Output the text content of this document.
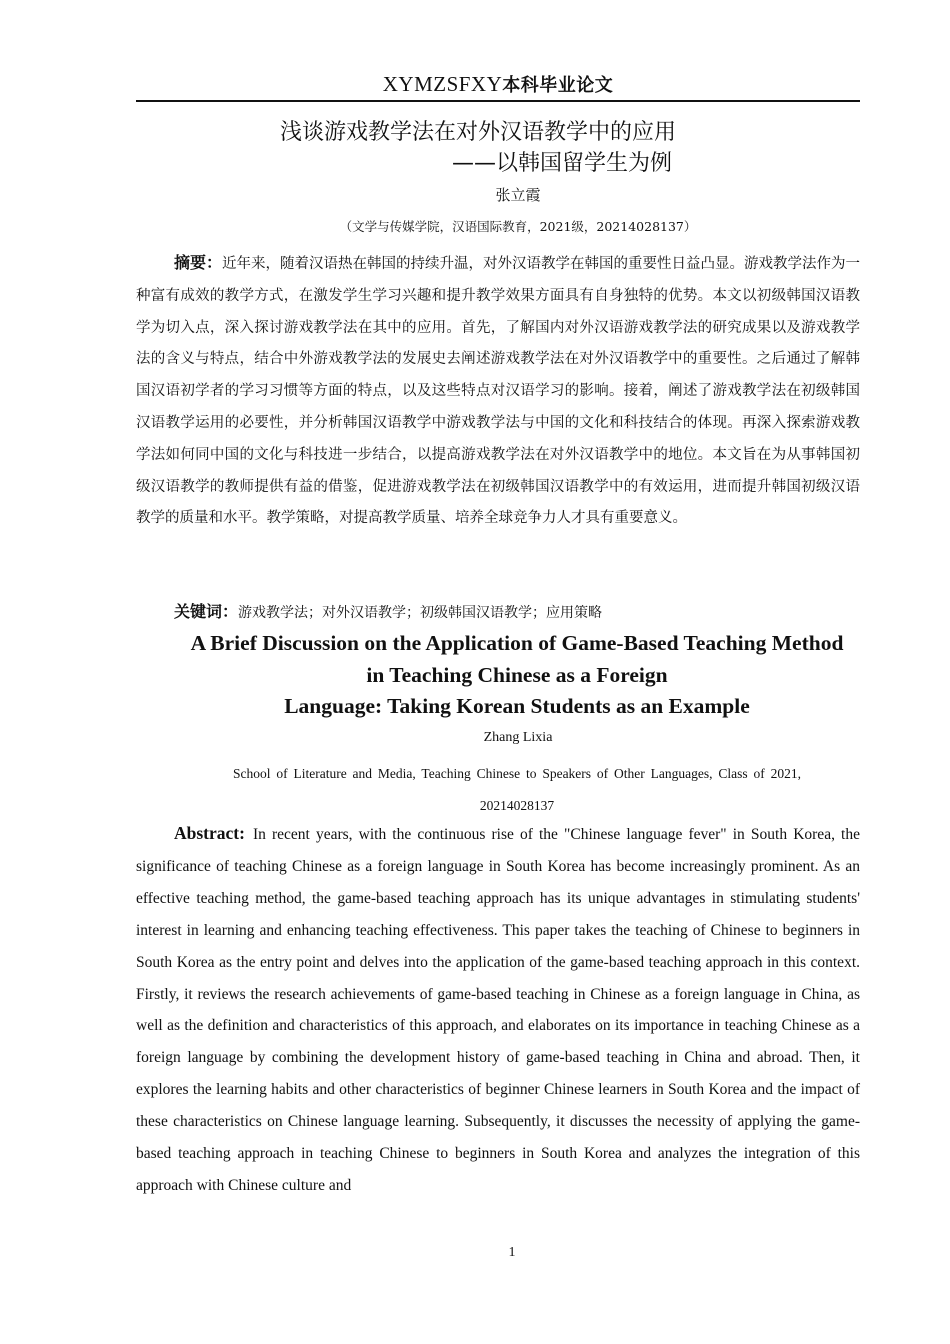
XYMZSFXY本科毕业论文
浅谈游戏教学法在对外汉语教学中的应用
——以韩国留学生为例
张立霞
（文学与传媒学院，汉语国际教育，2021级，20214028137）
摘要：近年来，随着汉语热在韩国的持续升温，对外汉语教学在韩国的重要性日益凸显。游戏教学法作为一种富有成效的教学方式，在激发学生学习兴趣和提升教学效果方面具有自身独特的优势。本文以初级韩国汉语教学为切入点，深入探讨游戏教学法在其中的应用。首先，了解国内对外汉语游戏教学法的研究成果以及游戏教学法的含义与特点，结合中外游戏教学法的发展史去阐述游戏教学法在对外汉语教学中的重要性。之后通过了解韩国汉语初学者的学习习惯等方面的特点，以及这些特点对汉语学习的影响。接着，阐述了游戏教学法在初级韩国汉语教学运用的必要性，并分析韩国汉语教学中游戏教学法与中国的文化和科技结合的体现。再深入探索游戏教学法如何同中国的文化与科技进一步结合，以提高游戏教学法在对外汉语教学中的地位。本文旨在为从事韩国初级汉语教学的教师提供有益的借鉴，促进游戏教学法在初级韩国汉语教学中的有效运用，进而提升韩国初级汉语教学的质量和水平。教学策略，对提高教学质量、培养全球竞争力人才具有重要意义。
关键词：游戏教学法；对外汉语教学；初级韩国汉语教学；应用策略
A Brief Discussion on the Application of Game-Based Teaching Method
in Teaching Chinese as a Foreign
Language: Taking Korean Students as an Example
Zhang Lixia
School of Literature and Media, Teaching Chinese to Speakers of Other Languages, Class of 2021,
20214028137
Abstract: In recent years, with the continuous rise of the "Chinese language fever" in South Korea, the significance of teaching Chinese as a foreign language in South Korea has become increasingly prominent. As an effective teaching method, the game-based teaching approach has its unique advantages in stimulating students' interest in learning and enhancing teaching effectiveness. This paper takes the teaching of Chinese to beginners in South Korea as the entry point and delves into the application of the game-based teaching approach in this context. Firstly, it reviews the research achievements of game-based teaching in Chinese as a foreign language in China, as well as the definition and characteristics of this approach, and elaborates on its importance in teaching Chinese as a foreign language by combining the development history of game-based teaching in China and abroad. Then, it explores the learning habits and other characteristics of beginner Chinese learners in South Korea and the impact of these characteristics on Chinese language learning. Subsequently, it discusses the necessity of applying the game-based teaching approach in teaching Chinese to beginners in South Korea and analyzes the integration of this approach with Chinese culture and
1
